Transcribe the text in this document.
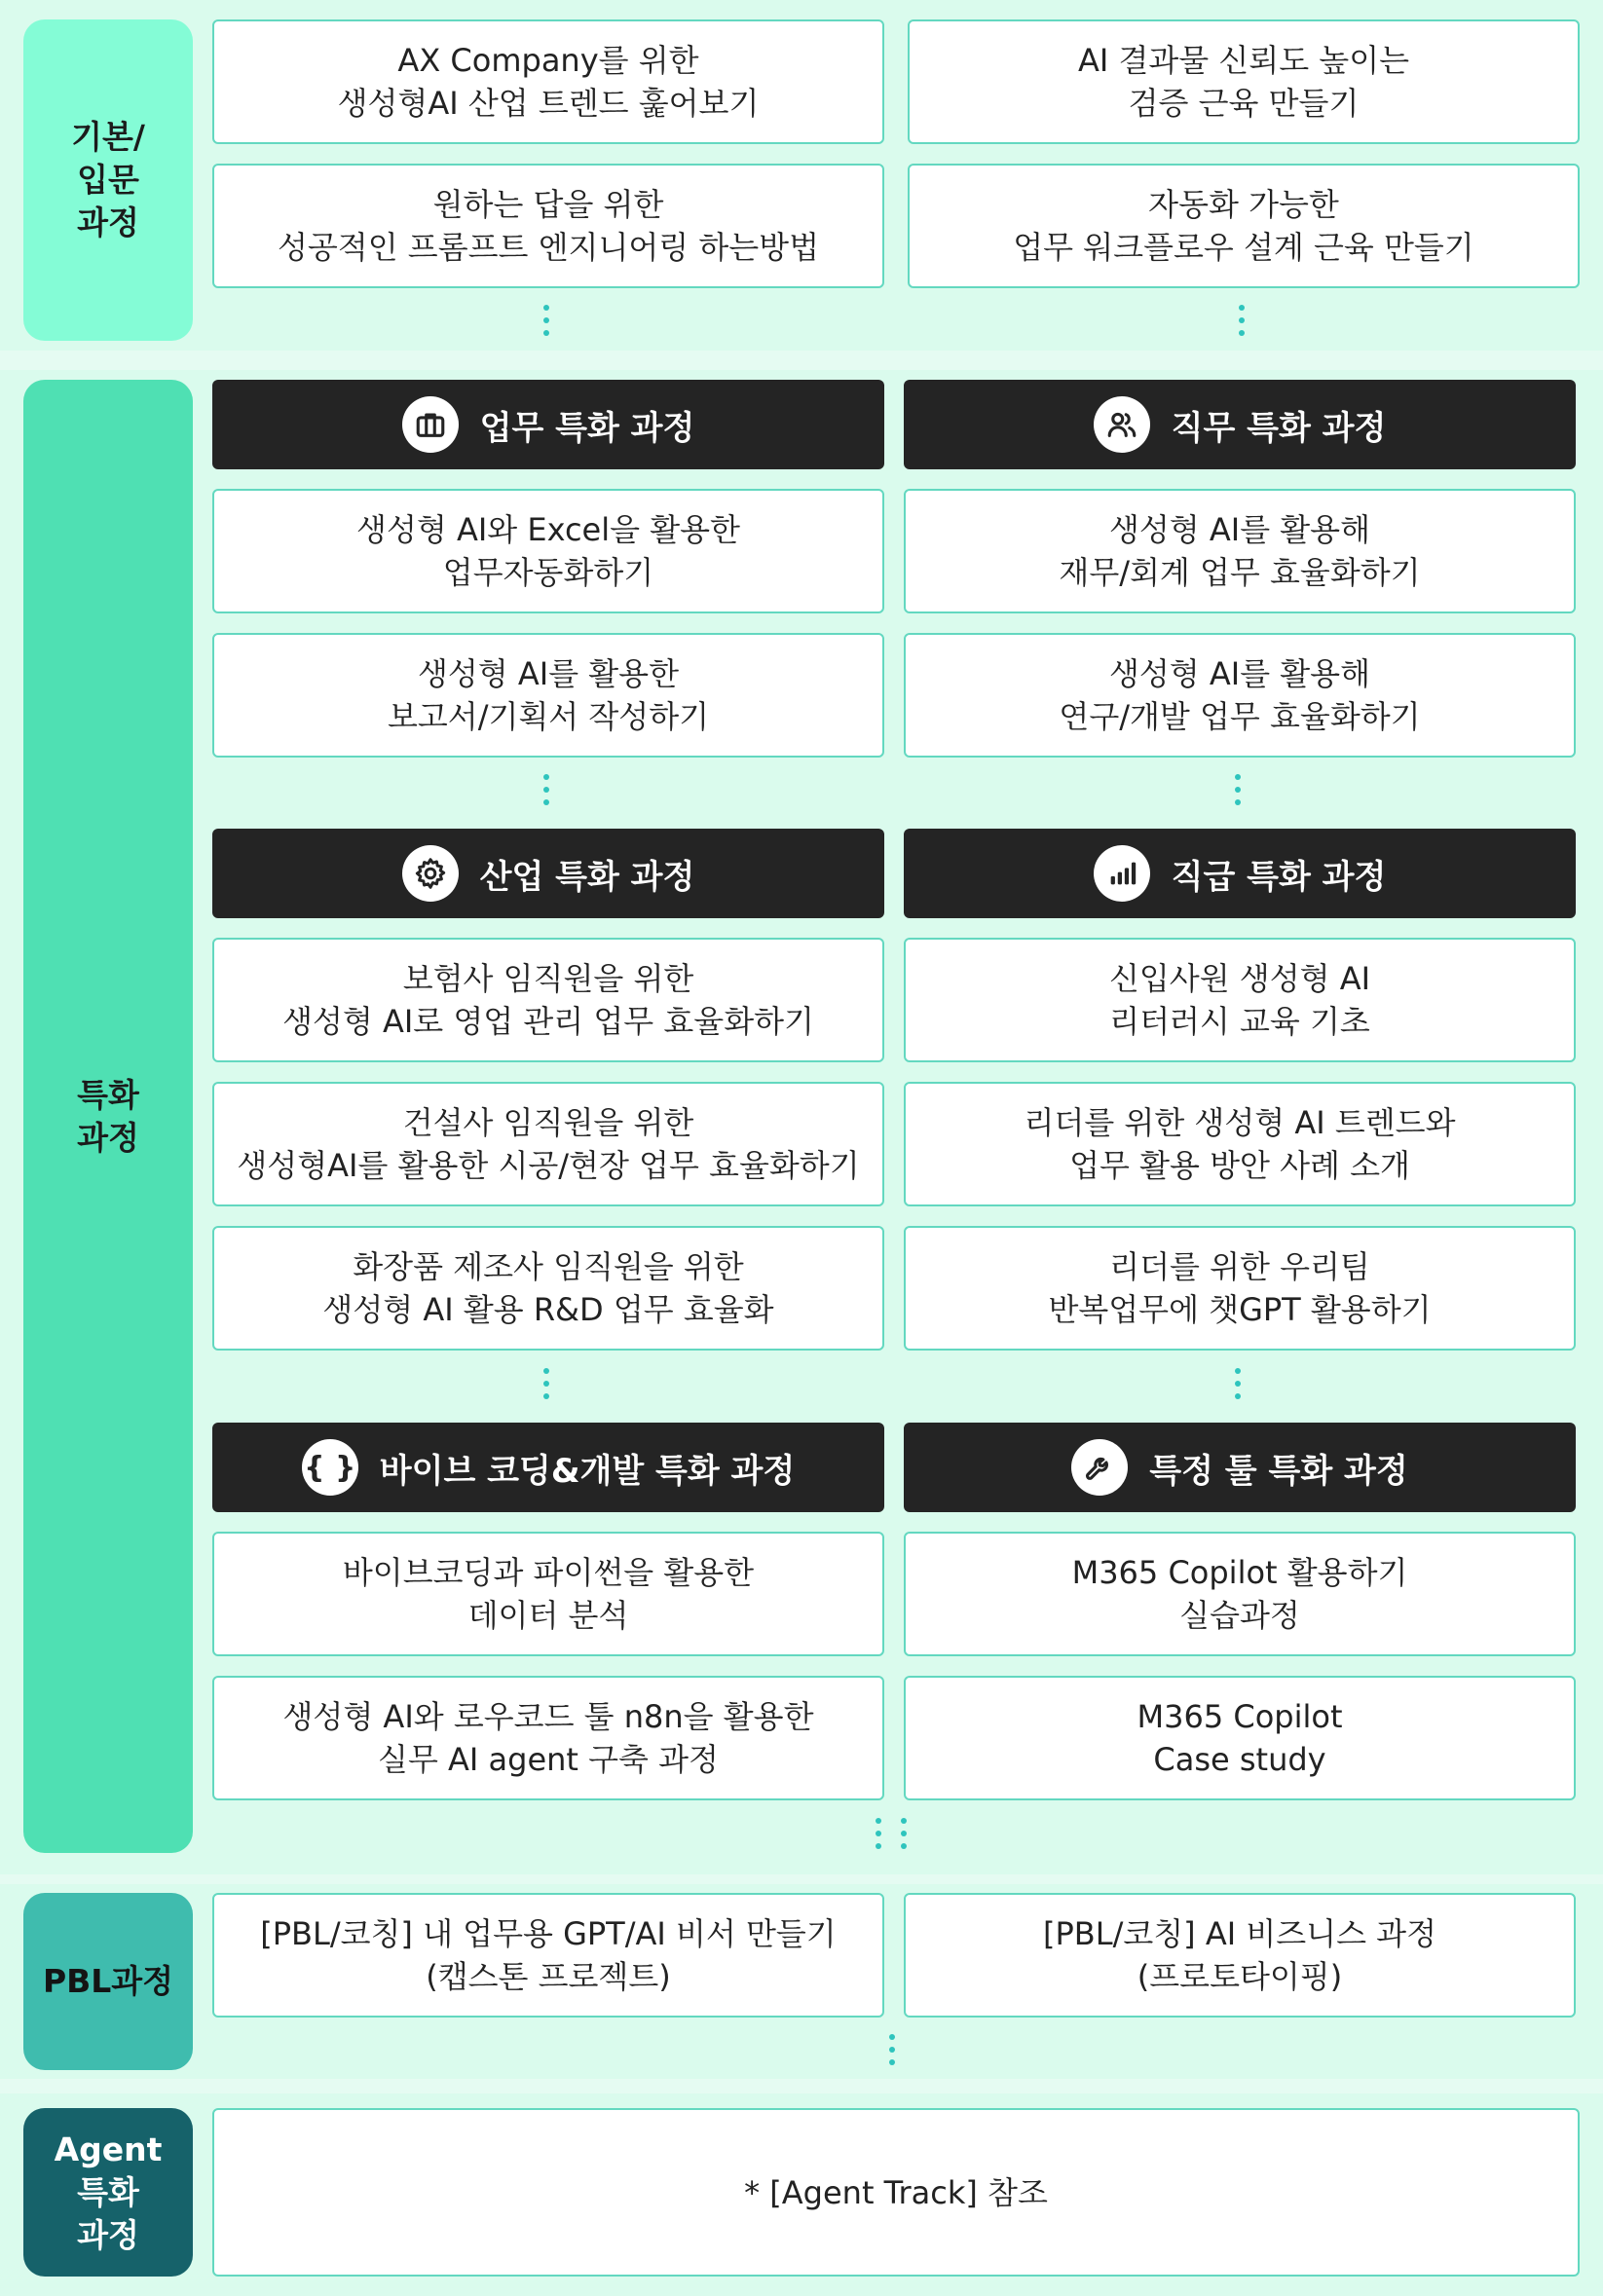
기본/
입문
과정
특화
과정
PBL과정
Agent
특화
과정
AX Company를 위한
생성형AI 산업 트렌드 훑어보기
AI 결과물 신뢰도 높이는
검증 근육 만들기
원하는 답을 위한
성공적인 프롬프트 엔지니어링 하는방법
자동화 가능한
업무 워크플로우 설계 근육 만들기
업무 특화 과정
생성형 AI와 Excel을 활용한
업무자동화하기
생성형 AI를 활용한
보고서/기획서 작성하기
직무 특화 과정
생성형 AI를 활용해
재무/회계 업무 효율화하기
생성형 AI를 활용해
연구/개발 업무 효율화하기
산업 특화 과정
보험사 임직원을 위한
생성형 AI로 영업 관리 업무 효율화하기
건설사 임직원을 위한
생성형AI를 활용한 시공/현장 업무 효율화하기
화장품 제조사 임직원을 위한
생성형 AI 활용 R&D 업무 효율화
직급 특화 과정
신입사원 생성형 AI
리터러시 교육 기초
리더를 위한 생성형 AI 트렌드와
업무 활용 방안 사례 소개
리더를 위한 우리팀
반복업무에 챗GPT 활용하기
{ } 바이브 코딩&개발 특화 과정
바이브코딩과 파이썬을 활용한
데이터 분석
생성형 AI와 로우코드 툴 n8n을 활용한
실무 AI agent 구축 과정
특정 툴 특화 과정
M365 Copilot 활용하기
실습과정
M365 Copilot
Case study
[PBL/코칭] 내 업무용 GPT/AI 비서 만들기
(캡스톤 프로젝트)
[PBL/코칭] AI 비즈니스 과정
(프로토타이핑)
* [Agent Track] 참조
